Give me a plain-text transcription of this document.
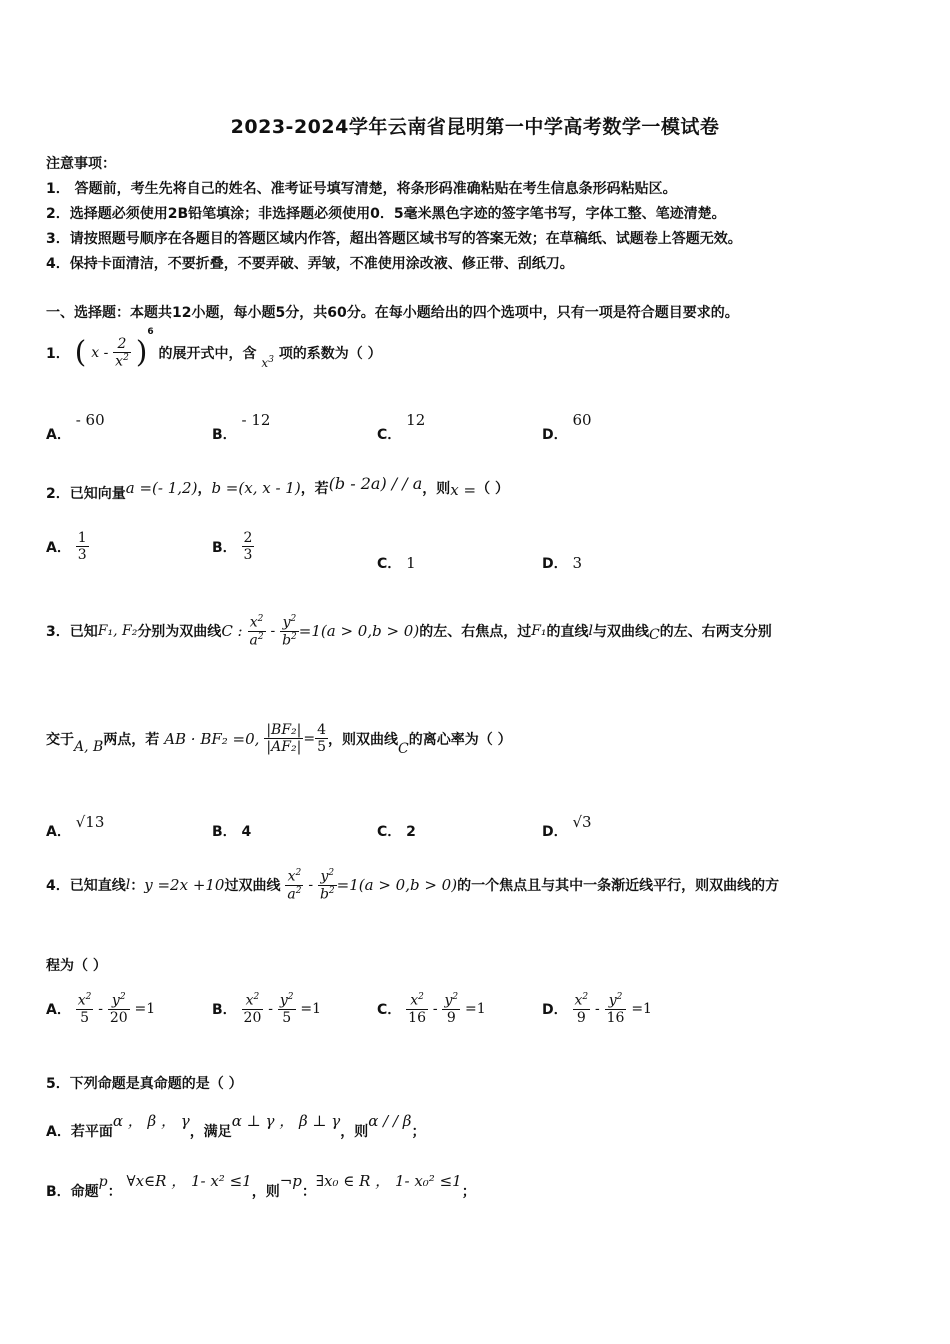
2023-2024学年云南省昆明第一中学高考数学一模试卷
注意事项：
1． 答题前，考生先将自己的姓名、准考证号填写清楚，将条形码准确粘贴在考生信息条形码粘贴区。
2．选择题必须使用2B铅笔填涂；非选择题必须使用0．5毫米黑色字迹的签字笔书写，字体工整、笔迹清楚。
3．请按照题号顺序在各题目的答题区域内作答，超出答题区域书写的答案无效；在草稿纸、试题卷上答题无效。
4．保持卡面清洁，不要折叠，不要弄破、弄皱，不准使用涂改液、修正带、刮纸刀。
一、选择题：本题共12小题，每小题5分，共60分。在每小题给出的四个选项中，只有一项是符合题目要求的。
1． ( x - $\frac{2}{x^2} )^6$ 的展开式中，含 $x^3$ 项的系数为（ ）
A． - 60
B． - 12
C． 12
D． 60
2．已知向量a =(- 1,2)，b =(x, x - 1)，若(b - 2a) / / a，则x =（ ）
A． $\frac{1}{3}$	B． $\frac{2}{3}$
C． 1	D． 3
3．已知F₁, F₂分别为双曲线C : $\frac{x^2}{a^2} - \frac{y^2}{b^2} =1(a > 0,b > 0)$的左、右焦点，过F₁的直线l与双曲线C的左、右两支分别
交于A, B两点，若 AB · BF₂ =0, $\frac{\text{|BF₂|}}{\text{|AF₂|}} = \frac{4}{5}$ ，则双曲线C的离心率为（ ）
A． √13
B． 4	C． 2	D． √3
4．已知直线l：y =2x +10过双曲线 $\frac{x^2}{a^2} - \frac{y^2}{b^2} =1(a > 0,b > 0)$的一个焦点且与其中一条渐近线平行，则双曲线的方
程为（ ）
A． $\frac{x^2}{5} - \frac{y^2}{20} =1$	B． $\frac{x^2}{20} - \frac{y^2}{5} =1$	C． $\frac{x^2}{16} - \frac{y^2}{9} =1$	D． $\frac{x^2}{9} - \frac{y^2}{16} =1$
5．下列命题是真命题的是（ ）
A．若平面α ， β ， γ，满足α ⊥ γ ， β ⊥ γ，则α / / β；
B．命题p： ∀x∈R ， 1- x² ≤1，则¬p：∃x₀ ∈ R ， 1- x₀² ≤1；
